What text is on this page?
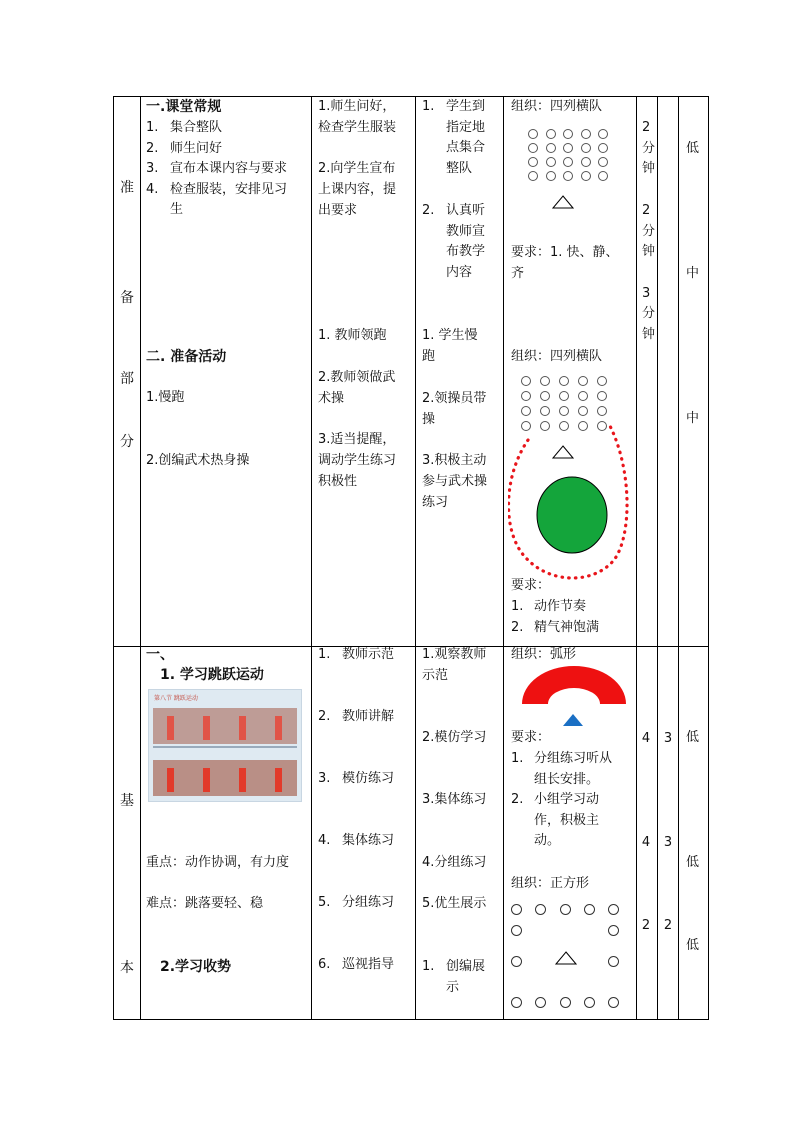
准
备
部
分
一.课堂常规
1. 集合整队
2. 师生问好
3. 宣布本课内容与要求
4. 检查服装，安排见习
生
二. 准备活动
1.慢跑
2.创编武术热身操
1.师生问好，
检查学生服装
2.向学生宣布
上课内容，提
出要求
1. 教师领跑
2.教师领做武
术操
3.适当提醒，
调动学生练习
积极性
1. 学生到
指定地
点集合
整队
2. 认真听
教师宣
布教学
内容
1. 学生慢
跑
2.领操员带
操
3.积极主动
参与武术操
练习
组织：四列横队
要求：1. 快、静、
齐
组织：四列横队
要求：
1. 动作节奏
2. 精气神饱满
2
分
钟
2
分
钟
3
分
钟
低
中
中
基
本
一、
1. 学习跳跃运动
第八节 跳跃运动
重点：动作协调，有力度
难点：跳落要轻、稳
2.学习收势
1. 教师示范
2. 教师讲解
3. 模仿练习
4. 集体练习
5. 分组练习
6. 巡视指导
1.观察教师
示范
2.模仿学习
3.集体练习
4.分组练习
5.优生展示
1. 创编展
示
组织：弧形
要求：
1. 分组练习听从
组长安排。
2. 小组学习动
作，积极主
动。
组织：正方形
4
4
2
3
3
2
低
低
低
